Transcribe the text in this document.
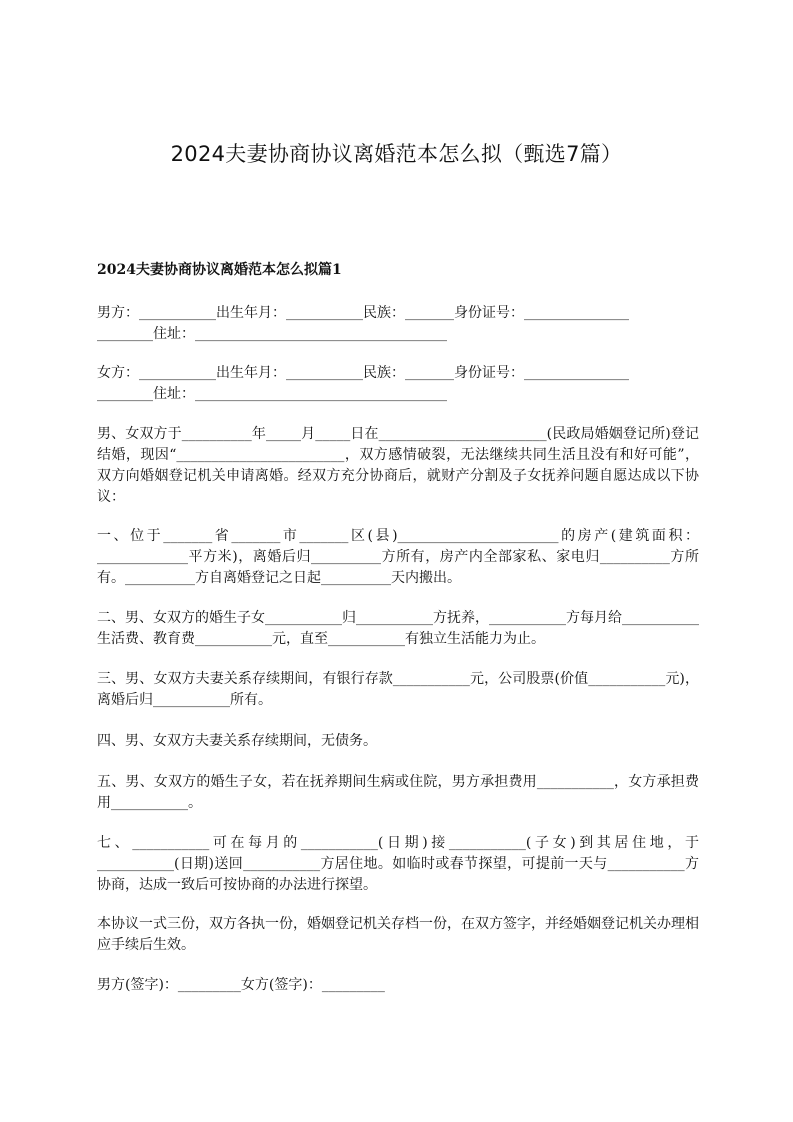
2024夫妻协商协议离婚范本怎么拟（甄选7篇）
2024夫妻协商协议离婚范本怎么拟篇1
男方：___________出生年月：___________民族：_______身份证号：_______________
________住址：____________________________________
女方：___________出生年月：___________民族：_______身份证号：_______________
________住址：____________________________________
男、女双方于__________年_____月_____日在________________________(民政局婚姻登记所)登记结婚，现因“________________________，双方感情破裂，无法继续共同生活且没有和好可能”，双方向婚姻登记机关申请离婚。经双方充分协商后，就财产分割及子女抚养问题自愿达成以下协议：
一、位于_______省_______市_______区(县)_______________________的房产(建筑面积：_____________平方米)，离婚后归__________方所有，房产内全部家私、家电归__________方所有。__________方自离婚登记之日起__________天内搬出。
二、男、女双方的婚生子女___________归___________方抚养，___________方每月给___________生活费、教育费___________元，直至___________有独立生活能力为止。
三、男、女双方夫妻关系存续期间，有银行存款___________元，公司股票(价值___________元)，离婚后归___________所有。
四、男、女双方夫妻关系存续期间，无债务。
五、男、女双方的婚生子女，若在抚养期间生病或住院，男方承担费用___________，女方承担费用___________。
七、___________可在每月的___________(日期)接___________(子女)到其居住地，于___________(日期)送回___________方居住地。如临时或春节探望，可提前一天与___________方协商，达成一致后可按协商的办法进行探望。
本协议一式三份，双方各执一份，婚姻登记机关存档一份，在双方签字，并经婚姻登记机关办理相应手续后生效。
男方(签字)：_________女方(签字)：_________
